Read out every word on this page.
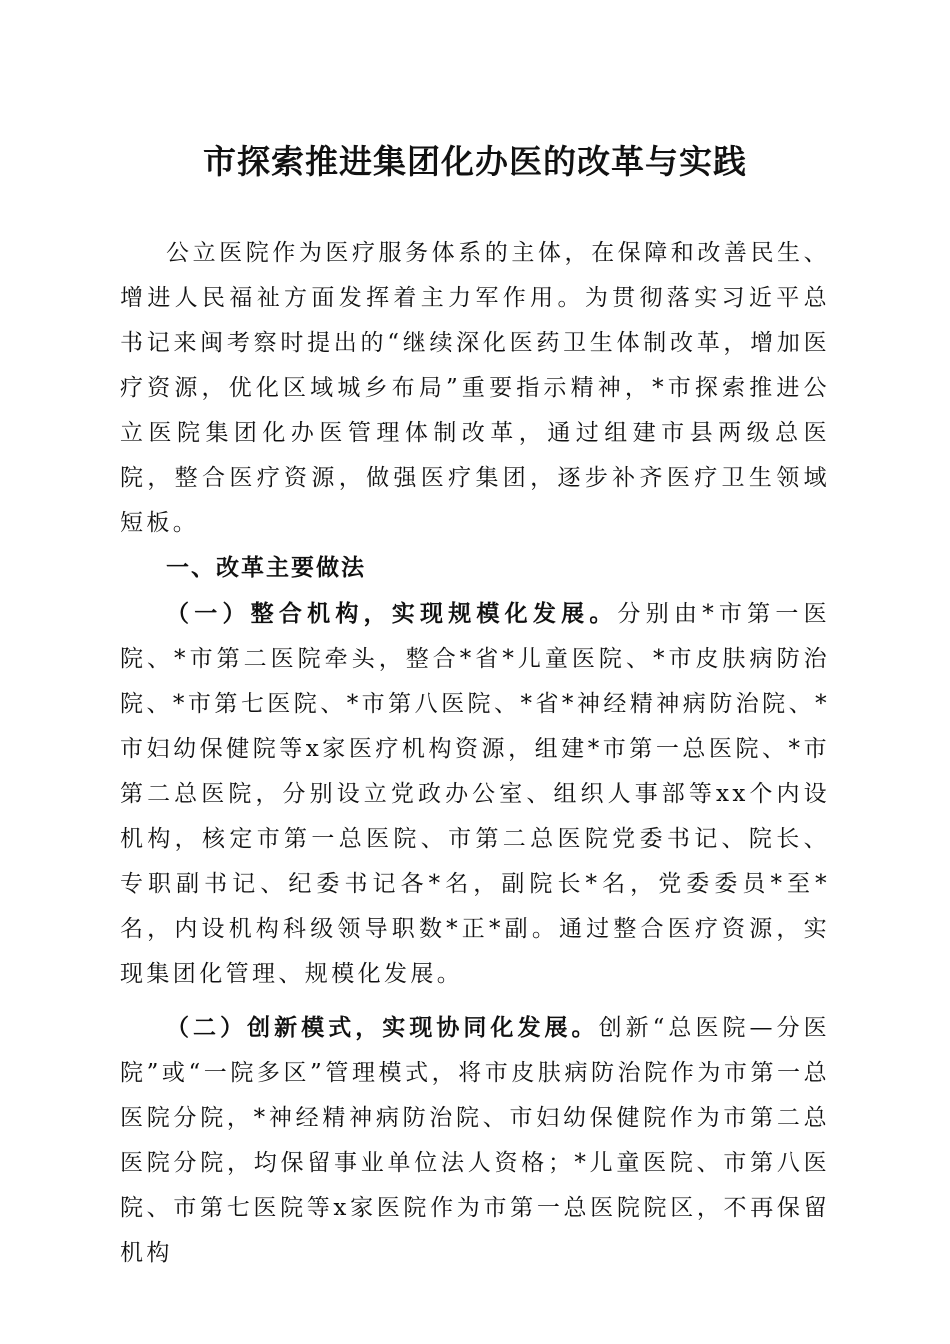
市探索推进集团化办医的改革与实践

公立医院作为医疗服务体系的主体，在保障和改善民生、增进人民福祉方面发挥着主力军作用。为贯彻落实习近平总书记来闽考察时提出的“继续深化医药卫生体制改革，增加医疗资源，优化区域城乡布局”重要指示精神，*市探索推进公立医院集团化办医管理体制改革，通过组建市县两级总医院，整合医疗资源，做强医疗集团，逐步补齐医疗卫生领域短板。

一、改革主要做法

（一）整合机构，实现规模化发展。分别由*市第一医院、*市第二医院牵头，整合*省*儿童医院、*市皮肤病防治院、*市第七医院、*市第八医院、*省*神经精神病防治院、*市妇幼保健院等x家医疗机构资源，组建*市第一总医院、*市第二总医院，分别设立党政办公室、组织人事部等xx个内设机构，核定市第一总医院、市第二总医院党委书记、院长、专职副书记、纪委书记各*名，副院长*名，党委委员*至*名，内设机构科级领导职数*正*副。通过整合医疗资源，实现集团化管理、规模化发展。

（二）创新模式，实现协同化发展。创新“总医院—分医院”或“一院多区”管理模式，将市皮肤病防治院作为市第一总医院分院，*神经精神病防治院、市妇幼保健院作为市第二总医院分院，均保留事业单位法人资格；*儿童医院、市第八医院、市第七医院等x家医院作为市第一总医院院区，不再保留机构
